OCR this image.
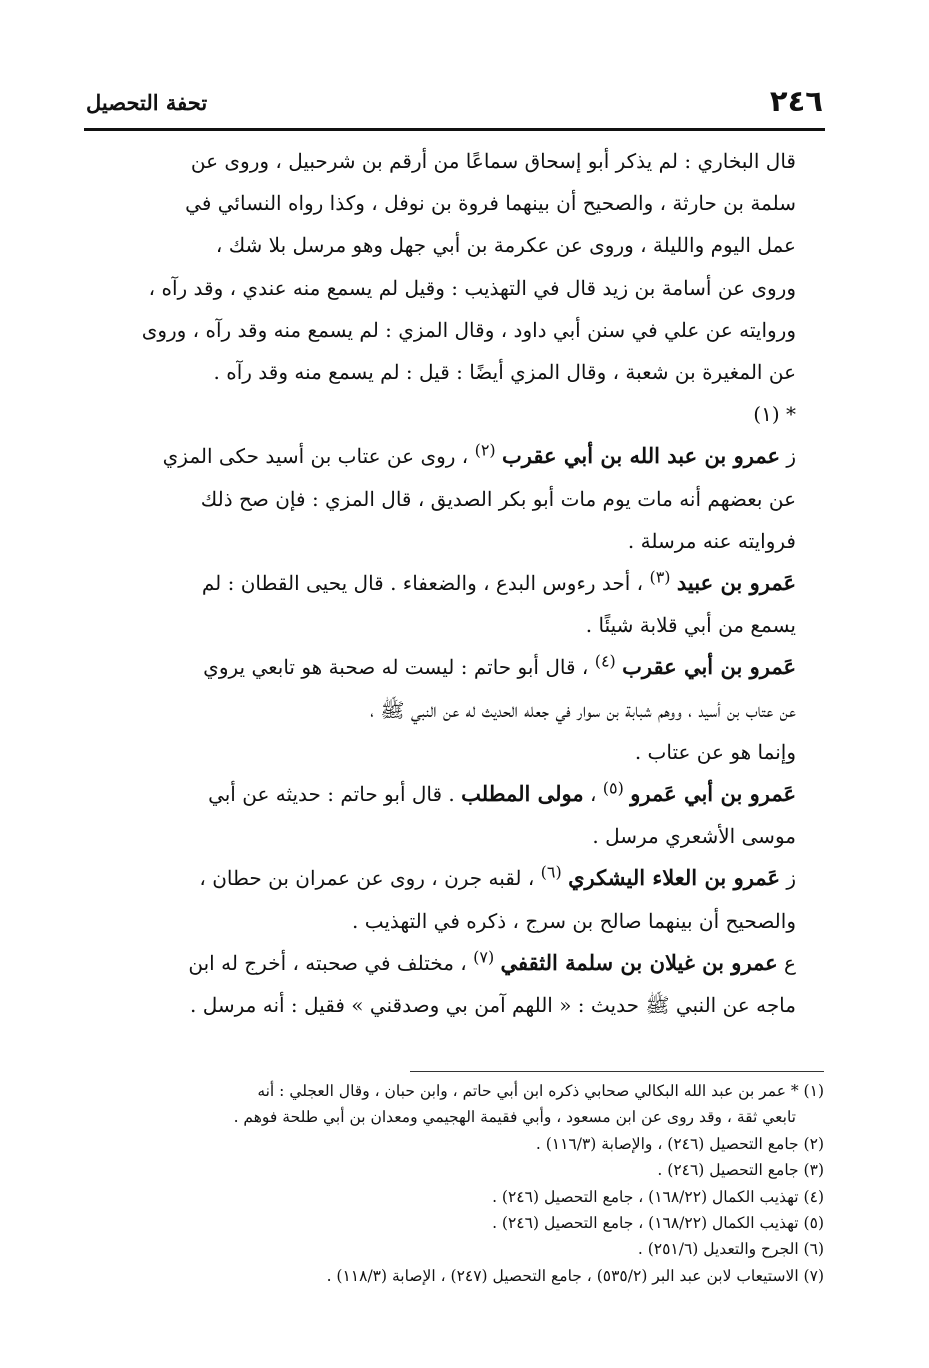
٢٤٦
تحفة التحصيل
قال البخاري : لم يذكر أبو إسحاق سماعًا من أرقم بن شرحبيل ، وروى عن
سلمة بن حارثة ، والصحيح أن بينهما فروة بن نوفل ، وكذا رواه النسائي في
عمل اليوم والليلة ، وروى عن عكرمة بن أبي جهل وهو مرسل بلا شك ،
وروى عن أسامة بن زيد قال في التهذيب : وقيل لم يسمع منه عندي ، وقد رآه ،
وروايته عن علي في سنن أبي داود ، وقال المزي : لم يسمع منه وقد رآه ، وروى
عن المغيرة بن شعبة ، وقال المزي أيضًا : قيل : لم يسمع منه وقد رآه .
* (١)
ز عمرو بن عبد الله بن أبي عقرب $^{(٢)}$ ، روى عن عتاب بن أسيد حكى المزي
عن بعضهم أنه مات يوم مات أبو بكر الصديق ، قال المزي : فإن صح ذلك
فروايته عنه مرسلة .
عَمرو بن عبيد $^{(٣)}$ ، أحد رءوس البدع ، والضعفاء . قال يحيى القطان : لم
يسمع من أبي قلابة شيئًا .
عَمرو بن أبي عقرب $^{(٤)}$ ، قال أبو حاتم : ليست له صحبة هو تابعي يروي
عن عتاب بن أسيد ، ووهم شبابة بن سوار في جعله الحديث له عن النبي ﷺ ،
وإنما هو عن عتاب .
عَمرو بن أبي عَمرو $^{(٥)}$ ، مولى المطلب . قال أبو حاتم : حديثه عن أبي
موسى الأشعري مرسل .
ز عَمرو بن العلاء اليشكري $^{(٦)}$ ، لقبه جرن ، روى عن عمران بن حطان ،
والصحيح أن بينهما صالح بن سرج ، ذكره في التهذيب .
ع عمرو بن غيلان بن سلمة الثقفي $^{(٧)}$ ، مختلف في صحبته ، أخرج له ابن
ماجه عن النبي ﷺ حديث : « اللهم آمن بي وصدقني » فقيل : أنه مرسل .
(١) * عمر بن عبد الله البكالي صحابي ذكره ابن أبي حاتم ، وابن حبان ، وقال العجلي : أنه
تابعي ثقة ، وقد روى عن ابن مسعود ، وأبي فقيمة الهجيمي ومعدان بن أبي طلحة فوهم .
(٢) جامع التحصيل (٢٤٦) ، والإصابة (١١٦/٣) .
(٣) جامع التحصيل (٢٤٦) .
(٤) تهذيب الكمال (١٦٨/٢٢) ، جامع التحصيل (٢٤٦) .
(٥) تهذيب الكمال (١٦٨/٢٢) ، جامع التحصيل (٢٤٦) .
(٦) الجرح والتعديل (٢٥١/٦) .
(٧) الاستيعاب لابن عبد البر (٥٣٥/٢) ، جامع التحصيل (٢٤٧) ، الإصابة (١١٨/٣) .
